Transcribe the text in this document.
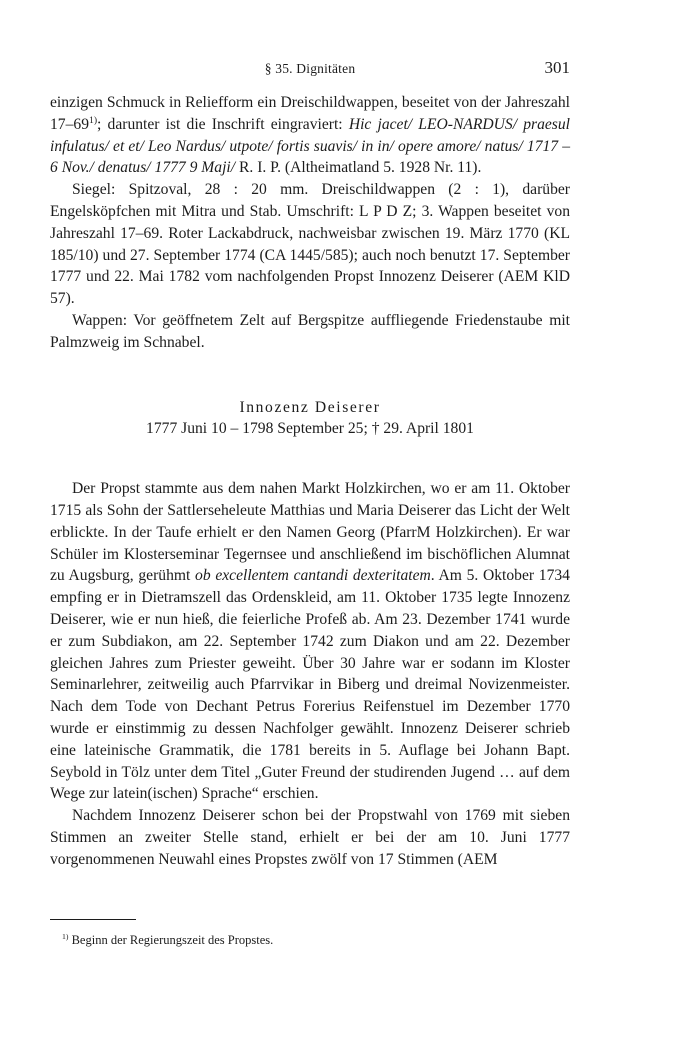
§ 35. Dignitäten	301

einzigen Schmuck in Reliefform ein Dreischildwappen, beseitet von der Jahreszahl 17–69$^{1)}$; darunter ist die Inschrift eingraviert: Hic jacet/ LEO-NARDUS/ praesul infulatus/ et et/ Leo Nardus/ utpote/ fortis suavis/ in in/ opere amore/ natus/ 1717 – 6 Nov./ denatus/ 1777 9 Maji/ R. I. P. (Altheimatland 5. 1928 Nr. 11).

Siegel: Spitzoval, 28 : 20 mm. Dreischildwappen (2 : 1), darüber Engelsköpfchen mit Mitra und Stab. Umschrift: L P D Z; 3. Wappen beseitet von Jahreszahl 17–69. Roter Lackabdruck, nachweisbar zwischen 19. März 1770 (KL 185/10) und 27. September 1774 (CA 1445/585); auch noch benutzt 17. September 1777 und 22. Mai 1782 vom nachfolgenden Propst Innozenz Deiserer (AEM KlD 57).

Wappen: Vor geöffnetem Zelt auf Bergspitze auffliegende Friedenstaube mit Palmzweig im Schnabel.

Innozenz Deiserer
1777 Juni 10 – 1798 September 25; † 29. April 1801

Der Propst stammte aus dem nahen Markt Holzkirchen, wo er am 11. Oktober 1715 als Sohn der Sattlerseheleute Matthias und Maria Deiserer das Licht der Welt erblickte. In der Taufe erhielt er den Namen Georg (PfarrM Holzkirchen). Er war Schüler im Klosterseminar Tegernsee und anschließend im bischöflichen Alumnat zu Augsburg, gerühmt ob excellentem cantandi dexteritatem. Am 5. Oktober 1734 empfing er in Dietramszell das Ordenskleid, am 11. Oktober 1735 legte Innozenz Deiserer, wie er nun hieß, die feierliche Profeß ab. Am 23. Dezember 1741 wurde er zum Subdiakon, am 22. September 1742 zum Diakon und am 22. Dezember gleichen Jahres zum Priester geweiht. Über 30 Jahre war er sodann im Kloster Seminarlehrer, zeitweilig auch Pfarrvikar in Biberg und dreimal Novizenmeister. Nach dem Tode von Dechant Petrus Forerius Reifenstuel im Dezember 1770 wurde er einstimmig zu dessen Nachfolger gewählt. Innozenz Deiserer schrieb eine lateinische Grammatik, die 1781 bereits in 5. Auflage bei Johann Bapt. Seybold in Tölz unter dem Titel „Guter Freund der studirenden Jugend … auf dem Wege zur latein(ischen) Sprache“ erschien.

Nachdem Innozenz Deiserer schon bei der Propstwahl von 1769 mit sieben Stimmen an zweiter Stelle stand, erhielt er bei der am 10. Juni 1777 vorgenommenen Neuwahl eines Propstes zwölf von 17 Stimmen (AEM

$^{1)}$ Beginn der Regierungszeit des Propstes.
